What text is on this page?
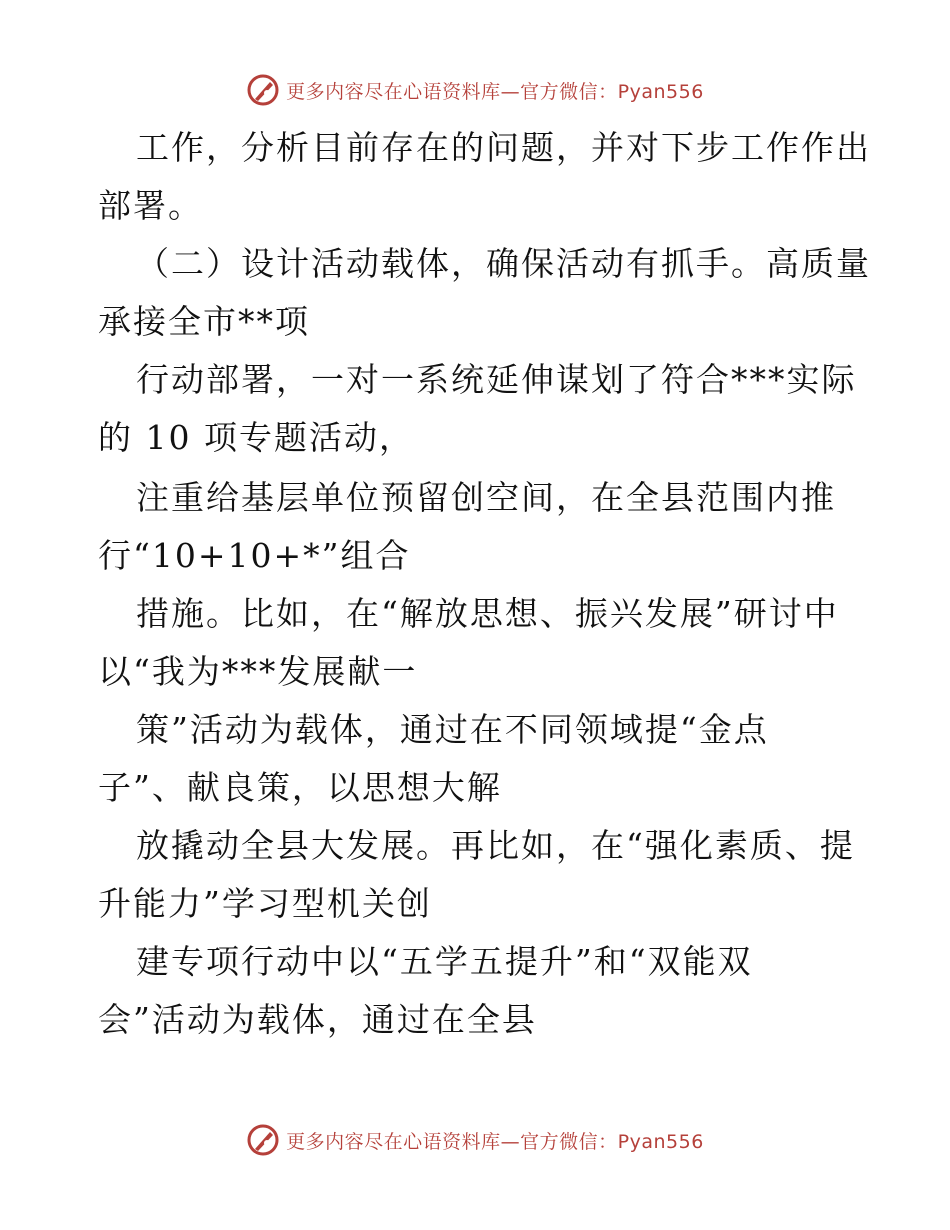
更多内容尽在心语资料库—官方微信：Pyan556
工作，分析目前存在的问题，并对下步工作作出
部署。
（二）设计活动载体，确保活动有抓手。高质量
承接全市**项
行动部署，一对一系统延伸谋划了符合***实际
的 10 项专题活动，
注重给基层单位预留创空间，在全县范围内推
行“10+10+*”组合
措施。比如，在“解放思想、振兴发展”研讨中
以“我为***发展献一
策”活动为载体，通过在不同领域提“金点
子”、献良策，以思想大解
放撬动全县大发展。再比如，在“强化素质、提
升能力”学习型机关创
建专项行动中以“五学五提升”和“双能双
会”活动为载体，通过在全县
更多内容尽在心语资料库—官方微信：Pyan556
